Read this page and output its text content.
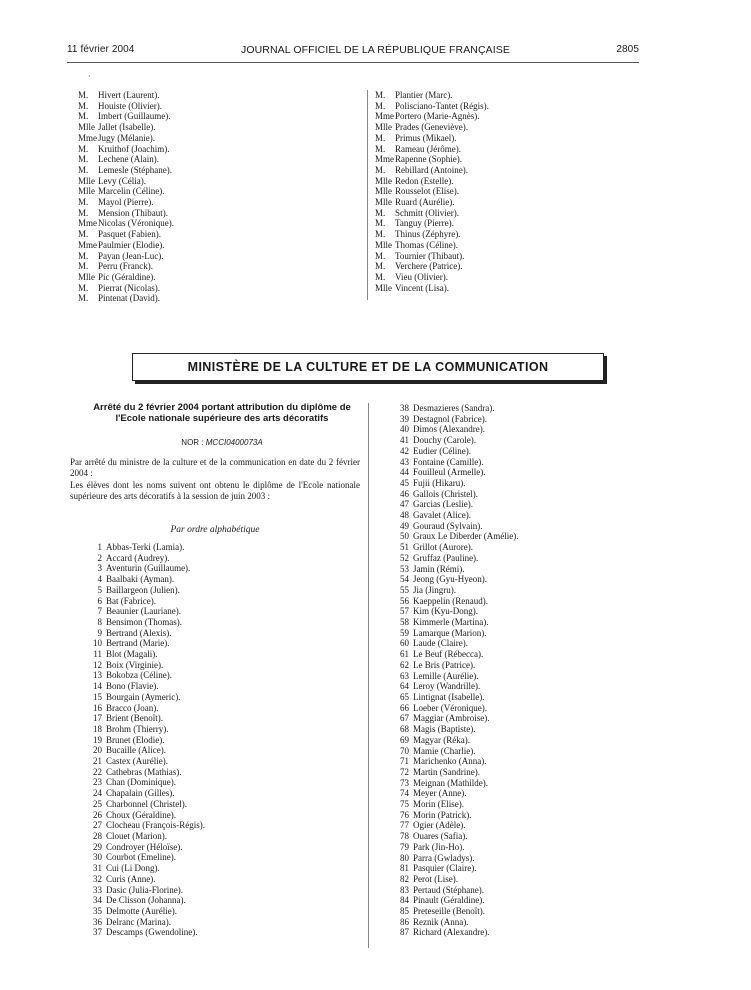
11 février 2004	JOURNAL OFFICIEL DE LA RÉPUBLIQUE FRANÇAISE	2805
·
M. Hivert (Laurent).
M. Houiste (Olivier).
M. Imbert (Guillaume).
Mlle Jallet (Isabelle).
MmeJugy (Mélanie).
M. Kruithof (Joachim).
M. Lechene (Alain).
M. Lemesle (Stéphane).
Mlle Levy (Célia).
Mlle Marcelin (Céline).
M. Mayol (Pierre).
M. Mension (Thibaut).
MmeNicolas (Véronique).
M. Pasquet (Fabien).
MmePaulmier (Elodie).
M. Payan (Jean-Luc).
M. Perru (Franck).
Mlle Pic (Géraldine).
M. Pierrat (Nicolas).
M. Pintenat (David).
M. Plantier (Marc).
M. Polisciano-Tantet (Régis).
MmePortero (Marie-Agnès).
Mlle Prades (Geneviève).
M. Primus (Mikael).
M. Rameau (Jérôme).
MmeRapenne (Sophie).
M. Rebillard (Antoine).
Mlle Redon (Estelle).
Mlle Rousselot (Elise).
Mlle Ruard (Aurélie).
M. Schmitt (Olivier).
M. Tanguy (Pierre).
M. Thinus (Zéphyre).
Mlle Thomas (Céline).
M. Tournier (Thibaut).
M. Verchere (Patrice).
M. Vieu (Olivier).
Mlle Vincent (Lisa).
MINISTÈRE DE LA CULTURE ET DE LA COMMUNICATION
Arrêté du 2 février 2004 portant attribution du diplôme de l'Ecole nationale supérieure des arts décoratifs
NOR : MCCI0400073A
Par arrêté du ministre de la culture et de la communication en date du 2 février 2004 :
Les élèves dont les noms suivent ont obtenu le diplôme de l'Ecole nationale supérieure des arts décoratifs à la session de juin 2003 :
Par ordre alphabétique
1 Abbas-Terki (Lamia).
2 Accard (Audrey).
3 Aventurin (Guillaume).
4 Baalbaki (Ayman).
5 Baillargeon (Julien).
6 Bat (Fabrice).
7 Beaunier (Lauriane).
8 Bensimon (Thomas).
9 Bertrand (Alexis).
10 Bertrand (Marie).
11 Blot (Magali).
12 Boix (Virginie).
13 Bokobza (Céline).
14 Bono (Flavie).
15 Bourgain (Aymeric).
16 Bracco (Joan).
17 Brient (Benoît).
18 Brohm (Thierry).
19 Brunet (Elodie).
20 Bucaille (Alice).
21 Castex (Aurélie).
22 Cathebras (Mathias).
23 Chan (Dominique).
24 Chapalain (Gilles).
25 Charbonnel (Christel).
26 Choux (Géraldine).
27 Clocheau (François-Régis).
28 Clouet (Marion).
29 Condroyer (Héloïse).
30 Courbot (Emeline).
31 Cui (Li Dong).
32 Curis (Anne).
33 Dasic (Julia-Florine).
34 De Clisson (Johanna).
35 Delmotte (Aurélie).
36 Delranc (Marina).
37 Descamps (Gwendoline).
38 Desmazieres (Sandra).
39 Destagnol (Fabrice).
40 Dimos (Alexandre).
41 Douchy (Carole).
42 Eudier (Céline).
43 Fontaine (Camille).
44 Fouilleul (Armelle).
45 Fujii (Hikaru).
46 Gallois (Christel).
47 Garcias (Leslie).
48 Gavalet (Alice).
49 Gouraud (Sylvain).
50 Graux Le Diberder (Amélie).
51 Grillot (Aurore).
52 Gruffaz (Pauline).
53 Jamin (Rémi).
54 Jeong (Gyu-Hyeon).
55 Jia (Jingru).
56 Kaeppelin (Renaud).
57 Kim (Kyu-Dong).
58 Kimmerle (Martina).
59 Lamarque (Marion).
60 Laude (Claire).
61 Le Beuf (Rébecca).
62 Le Bris (Patrice).
63 Lemille (Aurélie).
64 Leroy (Wandrille).
65 Lintignat (Isabelle).
66 Loeber (Véronique).
67 Maggiar (Ambroise).
68 Magis (Baptiste).
69 Magyar (Réka).
70 Mamie (Charlie).
71 Marichenko (Anna).
72 Martin (Sandrine).
73 Meignan (Mathilde).
74 Meyer (Anne).
75 Morin (Elise).
76 Morin (Patrick).
77 Ogier (Adèle).
78 Ouares (Safia).
79 Park (Jin-Ho).
80 Parra (Gwladys).
81 Pasquier (Claire).
82 Perot (Lise).
83 Pertaud (Stéphane).
84 Pinault (Géraldine).
85 Preteseille (Benoît).
86 Reznik (Anna).
87 Richard (Alexandre).
